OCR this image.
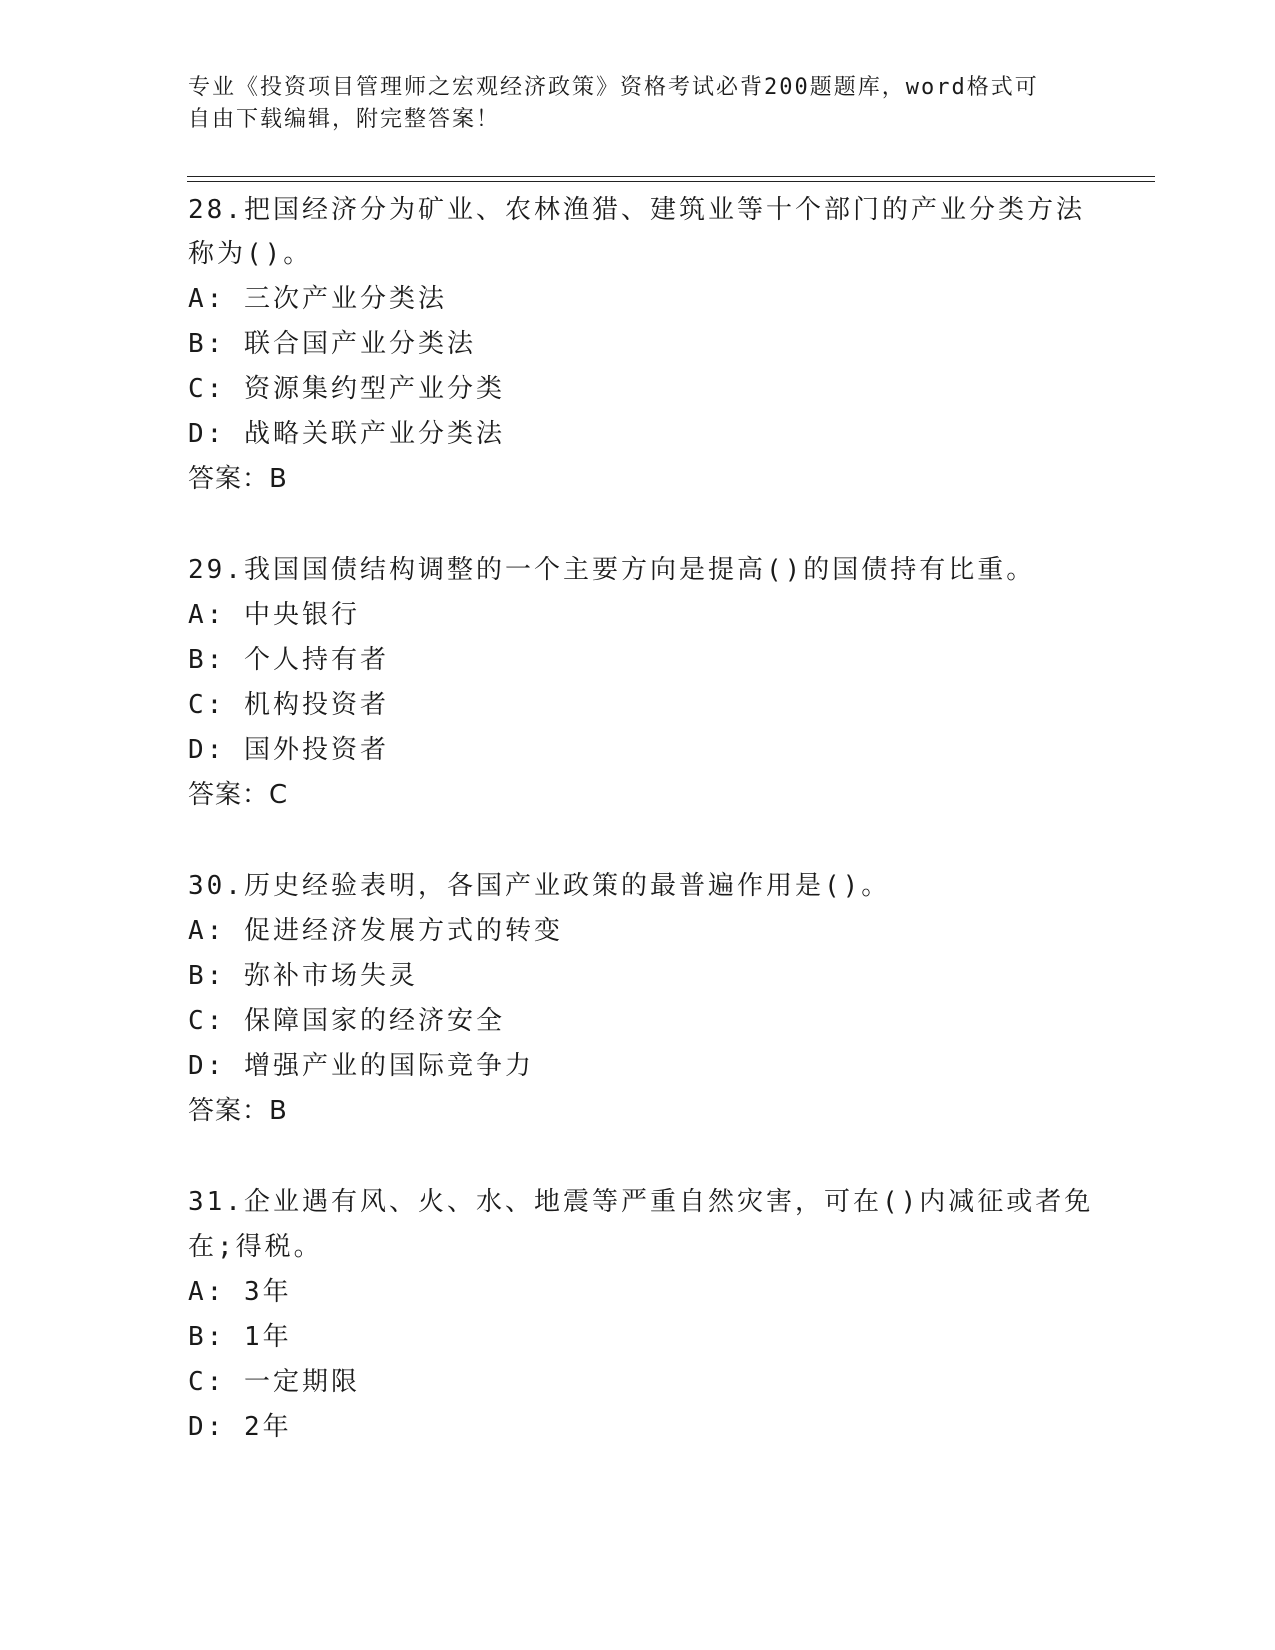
专业《投资项目管理师之宏观经济政策》资格考试必背200题题库，word格式可

自由下载编辑，附完整答案！

28.把国经济分为矿业、农林渔猎、建筑业等十个部门的产业分类方法

称为()。

A: 三次产业分类法

B: 联合国产业分类法

C: 资源集约型产业分类

D: 战略关联产业分类法

答案：B

29.我国国债结构调整的一个主要方向是提高()的国债持有比重。

A: 中央银行

B: 个人持有者

C: 机构投资者

D: 国外投资者

答案：C

30.历史经验表明，各国产业政策的最普遍作用是()。

A: 促进经济发展方式的转变

B: 弥补市场失灵

C: 保障国家的经济安全

D: 增强产业的国际竞争力

答案：B

31.企业遇有风、火、水、地震等严重自然灾害，可在()内减征或者免

在;得税。

A: 3年

B: 1年

C: 一定期限

D: 2年
